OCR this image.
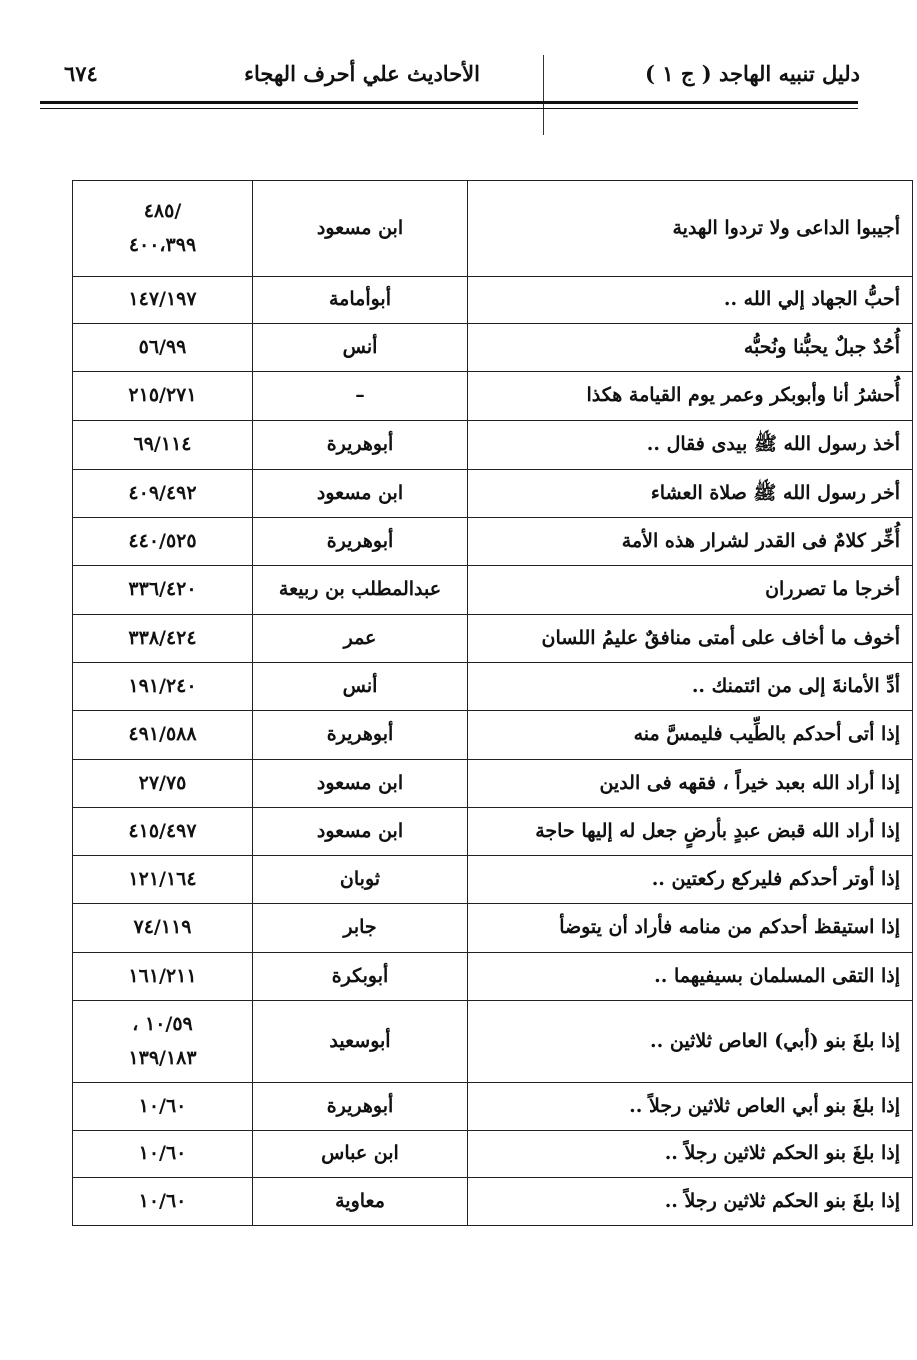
دليل تنبيه الهاجد ( ج ١ )
الأحاديث علي أحرف الهجاء
٦٧٤
أجيبوا الداعى ولا تردوا الهدية	ابن مسعود	/٤٨٥
٤٠٠،٣٩٩

أحبُّ الجهاد إلي الله ..	أبوأمامة	١٤٧/١٩٧

أُحُدٌ جبلٌ يحبُّنا ونُحبُّه	أنس	٥٦/٩٩

أُحشرُ أنا وأبوبكر وعمر يوم القيامة هكذا	–	٢١٥/٢٧١

أخذ رسول الله ﷺ بيدى فقال ..	أبوهريرة	٦٩/١١٤

أخر رسول الله ﷺ صلاة العشاء	ابن مسعود	٤٠٩/٤٩٢

أُخِّر كلامٌ فى القدر لشرار هذه الأمة	أبوهريرة	٤٤٠/٥٢٥

أخرجا ما تصرران	عبدالمطلب بن ربيعة	٣٣٦/٤٢٠

أخوف ما أخاف على أمتى منافقٌ عليمُ اللسان	عمر	٣٣٨/٤٢٤

أدِّ الأمانةَ إلى من ائتمنك ..	أنس	١٩١/٢٤٠

إذا أتى أحدكم بالطِّيب فليمسَّ منه	أبوهريرة	٤٩١/٥٨٨

إذا أراد الله بعبد خيراً ، فقهه فى الدين	ابن مسعود	٢٧/٧٥

إذا أراد الله قبض عبدٍ بأرضٍ جعل له إليها حاجة	ابن مسعود	٤١٥/٤٩٧

إذا أوتر أحدكم فليركع ركعتين ..	ثوبان	١٢١/١٦٤

إذا استيقظ أحدكم من منامه فأراد أن يتوضأ	جابر	٧٤/١١٩

إذا التقى المسلمان بسيفيهما ..	أبوبكرة	١٦١/٢١١

إذا بلغَ بنو (أبي) العاص ثلاثين ..	أبوسعيد	١٠/٥٩ ،
١٣٩/١٨٣

إذا بلغَ بنو أبي العاص ثلاثين رجلاً ..	أبوهريرة	١٠/٦٠

إذا بلغَ بنو الحكم ثلاثين رجلاً ..	ابن عباس	١٠/٦٠

إذا بلغَ بنو الحكم ثلاثين رجلاً ..	معاوية	١٠/٦٠
